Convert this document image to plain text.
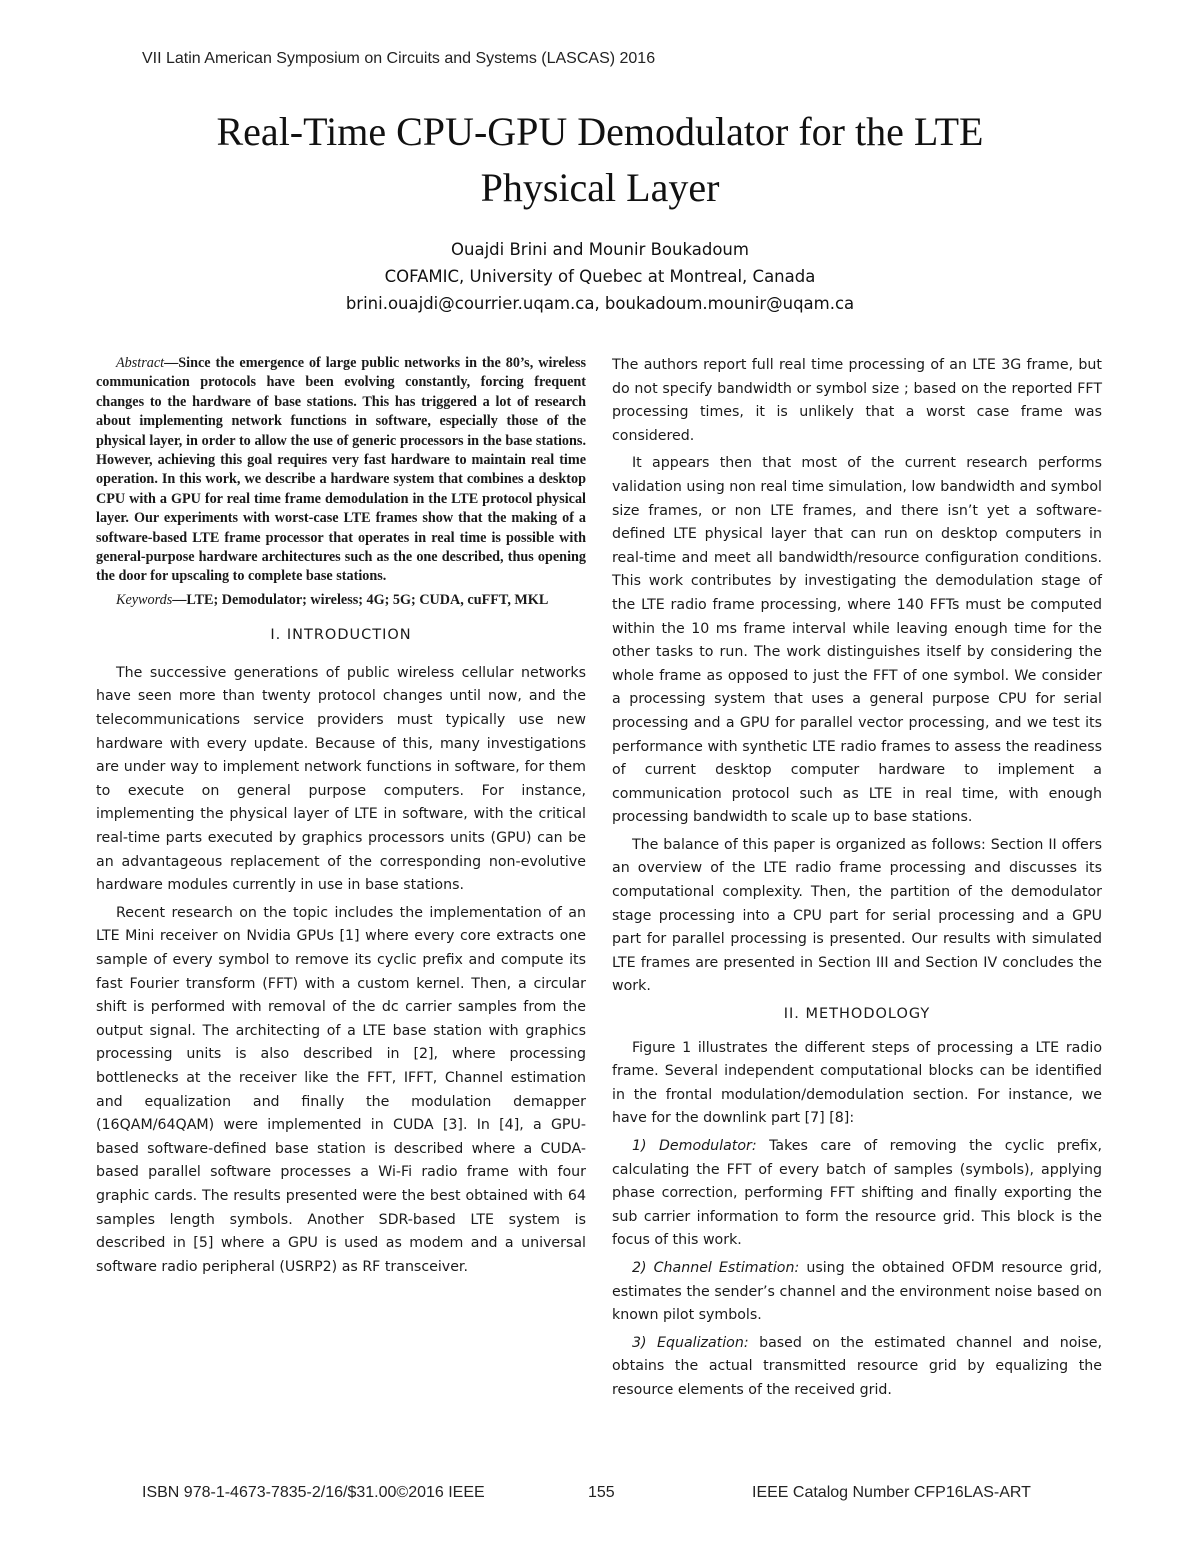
VII Latin American Symposium on Circuits and Systems (LASCAS) 2016
Real-Time CPU-GPU Demodulator for the LTE
Physical Layer
Ouajdi Brini and Mounir Boukadoum
COFAMIC, University of Quebec at Montreal, Canada
brini.ouajdi@courrier.uqam.ca, boukadoum.mounir@uqam.ca

Abstract—Since the emergence of large public networks in the 80’s, wireless communication protocols have been evolving constantly, forcing frequent changes to the hardware of base stations. This has triggered a lot of research about implementing network functions in software, especially those of the physical layer, in order to allow the use of generic processors in the base stations. However, achieving this goal requires very fast hardware to maintain real time operation. In this work, we describe a hardware system that combines a desktop CPU with a GPU for real time frame demodulation in the LTE protocol physical layer. Our experiments with worst-case LTE frames show that the making of a software-based LTE frame processor that operates in real time is possible with general-purpose hardware architectures such as the one described, thus opening the door for upscaling to complete base stations.

Keywords—LTE; Demodulator; wireless; 4G; 5G; CUDA, cuFFT, MKL

I. INTRODUCTION

The successive generations of public wireless cellular networks have seen more than twenty protocol changes until now, and the telecommunications service providers must typically use new hardware with every update. Because of this, many investigations are under way to implement network functions in software, for them to execute on general purpose computers. For instance, implementing the physical layer of LTE in software, with the critical real-time parts executed by graphics processors units (GPU) can be an advantageous replacement of the corresponding non-evolutive hardware modules currently in use in base stations.

Recent research on the topic includes the implementation of an LTE Mini receiver on Nvidia GPUs [1] where every core extracts one sample of every symbol to remove its cyclic prefix and compute its fast Fourier transform (FFT) with a custom kernel. Then, a circular shift is performed with removal of the dc carrier samples from the output signal. The architecting of a LTE base station with graphics processing units is also described in [2], where processing bottlenecks at the receiver like the FFT, IFFT, Channel estimation and equalization and finally the modulation demapper (16QAM/64QAM) were implemented in CUDA [3]. In [4], a GPU-based software-defined base station is described where a CUDA-based parallel software processes a Wi-Fi radio frame with four graphic cards. The results presented were the best obtained with 64 samples length symbols. Another SDR-based LTE system is described in [5] where a GPU is used as modem and a universal software radio peripheral (USRP2) as RF transceiver.

The authors report full real time processing of an LTE 3G frame, but do not specify bandwidth or symbol size ; based on the reported FFT processing times, it is unlikely that a worst case frame was considered.

It appears then that most of the current research performs validation using non real time simulation, low bandwidth and symbol size frames, or non LTE frames, and there isn’t yet a software-defined LTE physical layer that can run on desktop computers in real-time and meet all bandwidth/resource configuration conditions. This work contributes by investigating the demodulation stage of the LTE radio frame processing, where 140 FFTs must be computed within the 10 ms frame interval while leaving enough time for the other tasks to run. The work distinguishes itself by considering the whole frame as opposed to just the FFT of one symbol. We consider a processing system that uses a general purpose CPU for serial processing and a GPU for parallel vector processing, and we test its performance with synthetic LTE radio frames to assess the readiness of current desktop computer hardware to implement a communication protocol such as LTE in real time, with enough processing bandwidth to scale up to base stations.

The balance of this paper is organized as follows: Section II offers an overview of the LTE radio frame processing and discusses its computational complexity. Then, the partition of the demodulator stage processing into a CPU part for serial processing and a GPU part for parallel processing is presented. Our results with simulated LTE frames are presented in Section III and Section IV concludes the work.

II. METHODOLOGY

Figure 1 illustrates the different steps of processing a LTE radio frame. Several independent computational blocks can be identified in the frontal modulation/demodulation section. For instance, we have for the downlink part [7] [8]:

1) Demodulator: Takes care of removing the cyclic prefix, calculating the FFT of every batch of samples (symbols), applying phase correction, performing FFT shifting and finally exporting the sub carrier information to form the resource grid. This block is the focus of this work.

2) Channel Estimation: using the obtained OFDM resource grid, estimates the sender’s channel and the environment noise based on known pilot symbols.

3) Equalization: based on the estimated channel and noise, obtains the actual transmitted resource grid by equalizing the resource elements of the received grid.

ISBN 978-1-4673-7835-2/16/$31.00©2016 IEEE	155	IEEE Catalog Number CFP16LAS-ART
